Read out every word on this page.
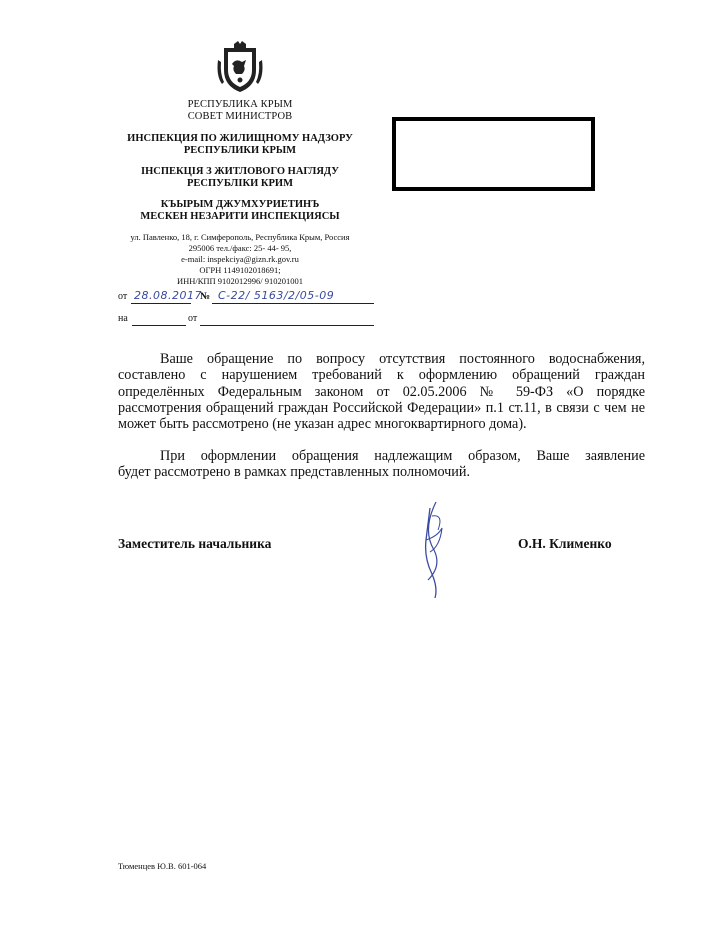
РЕСПУБЛИКА КРЫМ
СОВЕТ МИНИСТРОВ
ИНСПЕКЦИЯ ПО ЖИЛИЩНОМУ НАДЗОРУ
РЕСПУБЛИКИ КРЫМ
ІНСПЕКЦІЯ З ЖИТЛОВОГО НАГЛЯДУ
РЕСПУБЛІКИ КРИМ
КЪЫРЫМ ДЖУМХУРИЕТИНЪ
МЕСКЕН НЕЗАРИТИ ИНСПЕКЦИЯСЫ
ул. Павленко, 18, г. Симферополь, Республика Крым, Россия
295006 тел./факс: 25- 44- 95,
e-mail: inspekciya@gizn.rk.gov.ru
ОГРН 1149102018691;
ИНН/КПП 9102012996/ 910201001
от 28.08.2017
№ С-22/ 5163/2/05-09
на	от
Ваше обращение по вопросу отсутствия постоянного водоснабжения,
составлено с нарушением требований к оформлению обращений граждан определённых Федеральным законом от 02.05.2006 № 59-ФЗ «О порядке рассмотрения обращений граждан Российской Федерации» п.1 ст.11, в связи с чем не может быть рассмотрено (не указан адрес многоквартирного дома).
При оформлении обращения надлежащим образом, Ваше заявление
будет рассмотрено в рамках представленных полномочий.
Заместитель начальника	О.Н. Клименко
Тюменцев Ю.В. 601-064
